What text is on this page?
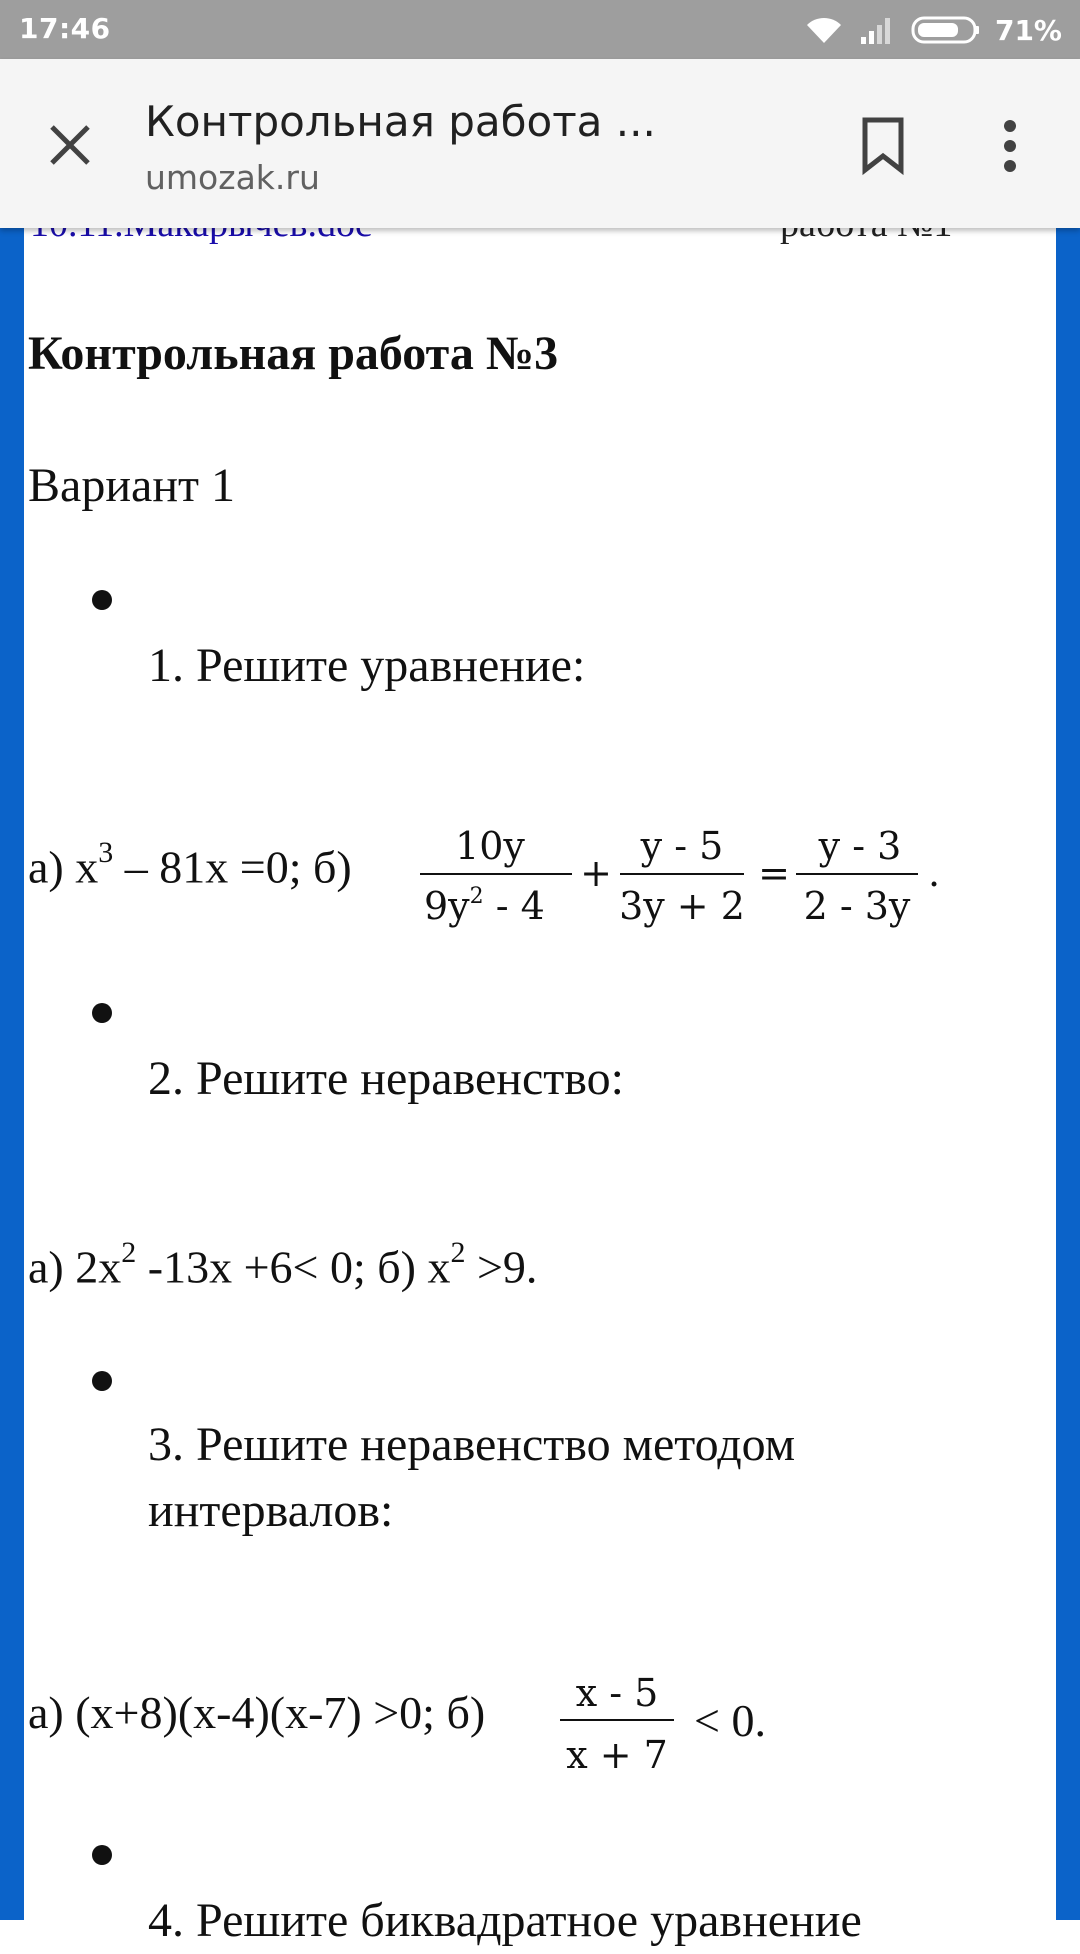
17:46	71%
Контрольная работа ...
umozak.ru
Контрольная работа №3
Вариант 1
1. Решите уравнение:
а) $x^3 - 81x =0$; б)	10y
$9y^2 - 4$
+
y - 5
3y + 2
=
y - 3
2 - 3y
.
2. Решите неравенство:
а) $2x^2$ -13x +6< 0; б) $x^2 >9$.
3. Решите неравенство методом
интервалов:
а) (x+8)(x-4)(x-7) >0; б) x - 5
x + 7
< 0.
4. Решите биквадратное уравнение
